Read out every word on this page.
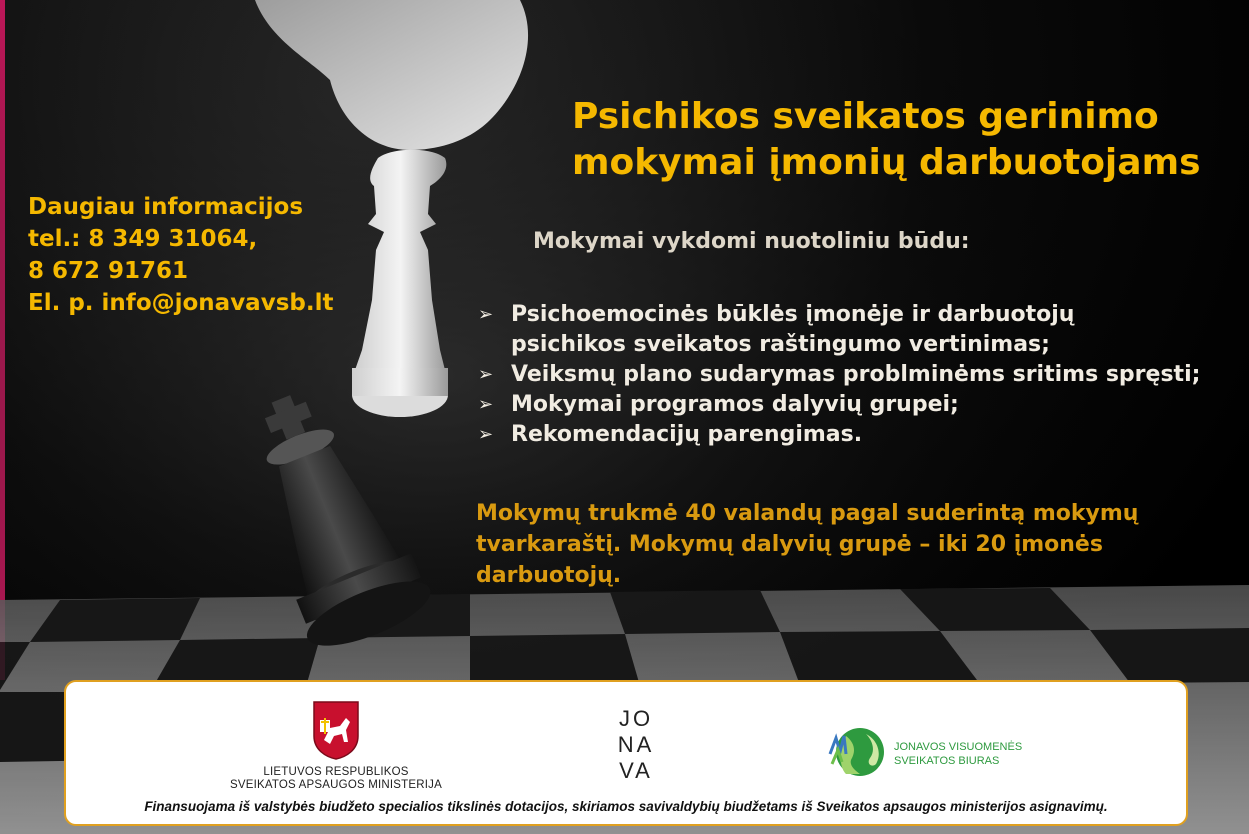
Psichikos sveikatos gerinimo
mokymai įmonių darbuotojams
Daugiau informacijos
tel.: 8 349 31064,
8 672 91761
El. p. info@jonavavsb.lt
Mokymai vykdomi nuotoliniu būdu:
➢ Psichoemocinės būklės įmonėje ir darbuotojų
psichikos sveikatos raštingumo vertinimas;
➢ Veiksmų plano sudarymas problminėms sritims spręsti;
➢ Mokymai programos dalyvių grupei;
➢ Rekomendacijų parengimas.
Mokymų trukmė 40 valandų pagal suderintą mokymų
tvarkaraštį. Mokymų dalyvių grupė – iki 20 įmonės
darbuotojų.
LIETUVOS RESPUBLIKOS
SVEIKATOS APSAUGOS MINISTERIJA
JO
NA
VA
JONAVOS VISUOMENĖS
SVEIKATOS BIURAS
Finansuojama iš valstybės biudžeto specialios tikslinės dotacijos, skiriamos savivaldybių biudžetams iš Sveikatos apsaugos ministerijos asignavimų.
